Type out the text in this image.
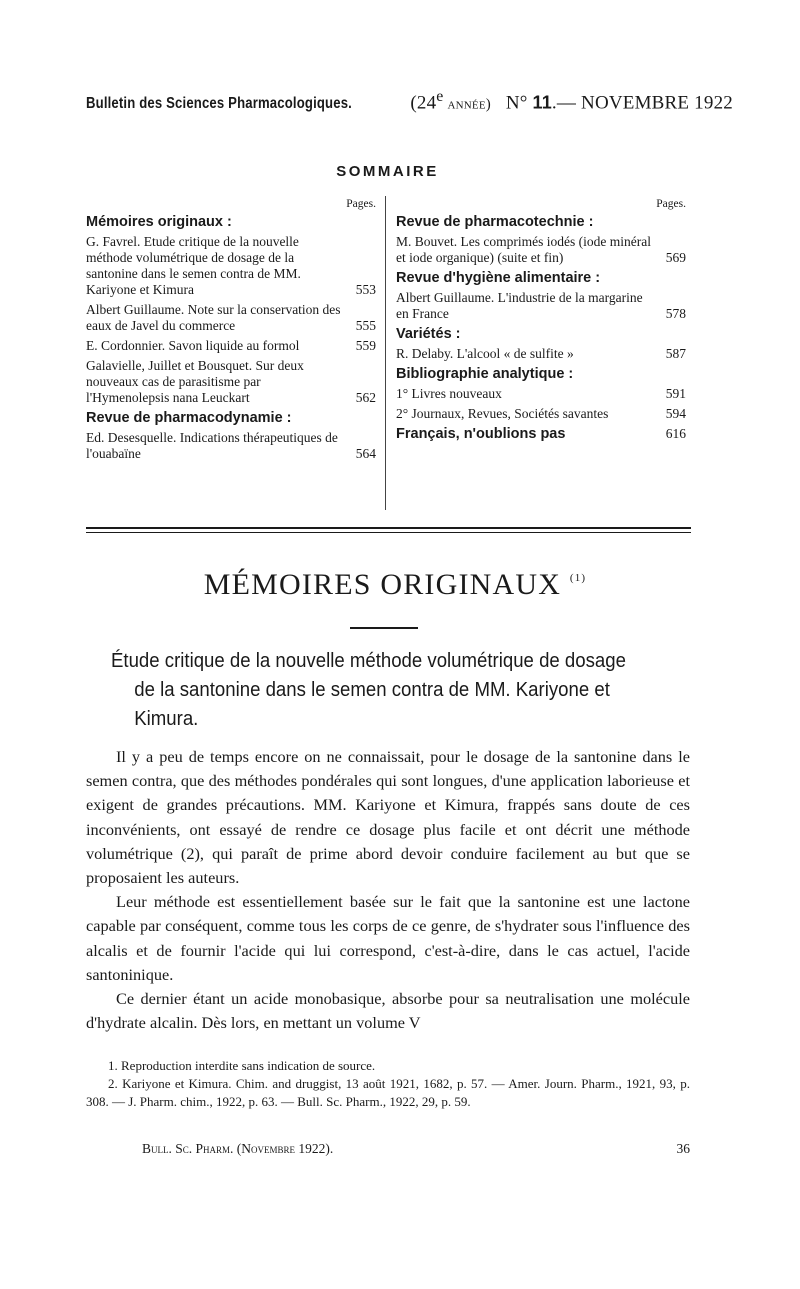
Bulletin des Sciences Pharmacologiques.	(24e année) N° 11.— NOVEMBRE 1922
SOMMAIRE
Pages.
Mémoires originaux :
G. Favrel. Etude critique de la nouvelle méthode volumétrique de dosage de la santonine dans le semen contra de MM. Kariyone et Kimura	553
Albert Guillaume. Note sur la conservation des eaux de Javel du commerce	555
E. Cordonnier. Savon liquide au formol	559
Galavielle, Juillet et Bousquet. Sur deux nouveaux cas de parasitisme par l'Hymenolepsis nana Leuckart	562
Revue de pharmacodynamie :
Ed. Desesquelle. Indications thérapeutiques de l'ouabaïne	564
Pages.
Revue de pharmacotechnie :
M. Bouvet. Les comprimés iodés (iode minéral et iode organique) (suite et fin)	569
Revue d'hygiène alimentaire :
Albert Guillaume. L'industrie de la margarine en France	578
Variétés :
R. Delaby. L'alcool « de sulfite »	587
Bibliographie analytique :
1° Livres nouveaux	591
2° Journaux, Revues, Sociétés savantes	594
Français, n'oublions pas	616
MÉMOIRES ORIGINAUX $^{(1)}$
Étude critique de la nouvelle méthode volumétrique de dosage de la santonine dans le semen contra de MM. Kariyone et Kimura.

Il y a peu de temps encore on ne connaissait, pour le dosage de la santonine dans le semen contra, que des méthodes pondérales qui sont longues, d'une application laborieuse et exigent de grandes précautions. MM. Kariyone et Kimura, frappés sans doute de ces inconvénients, ont essayé de rendre ce dosage plus facile et ont décrit une méthode volumétrique (2), qui paraît de prime abord devoir conduire facilement au but que se proposaient les auteurs.

Leur méthode est essentiellement basée sur le fait que la santonine est une lactone capable par conséquent, comme tous les corps de ce genre, de s'hydrater sous l'influence des alcalis et de fournir l'acide qui lui correspond, c'est-à-dire, dans le cas actuel, l'acide santoninique.

Ce dernier étant un acide monobasique, absorbe pour sa neutralisation une molécule d'hydrate alcalin. Dès lors, en mettant un volume V

1. Reproduction interdite sans indication de source.

2. Kariyone et Kimura. Chim. and druggist, 13 août 1921, 1682, p. 57. — Amer. Journ. Pharm., 1921, 93, p. 308. — J. Pharm. chim., 1922, p. 63. — Bull. Sc. Pharm., 1922, 29, p. 59.

Bull. Sc. Pharm. (Novembre 1922).	36
